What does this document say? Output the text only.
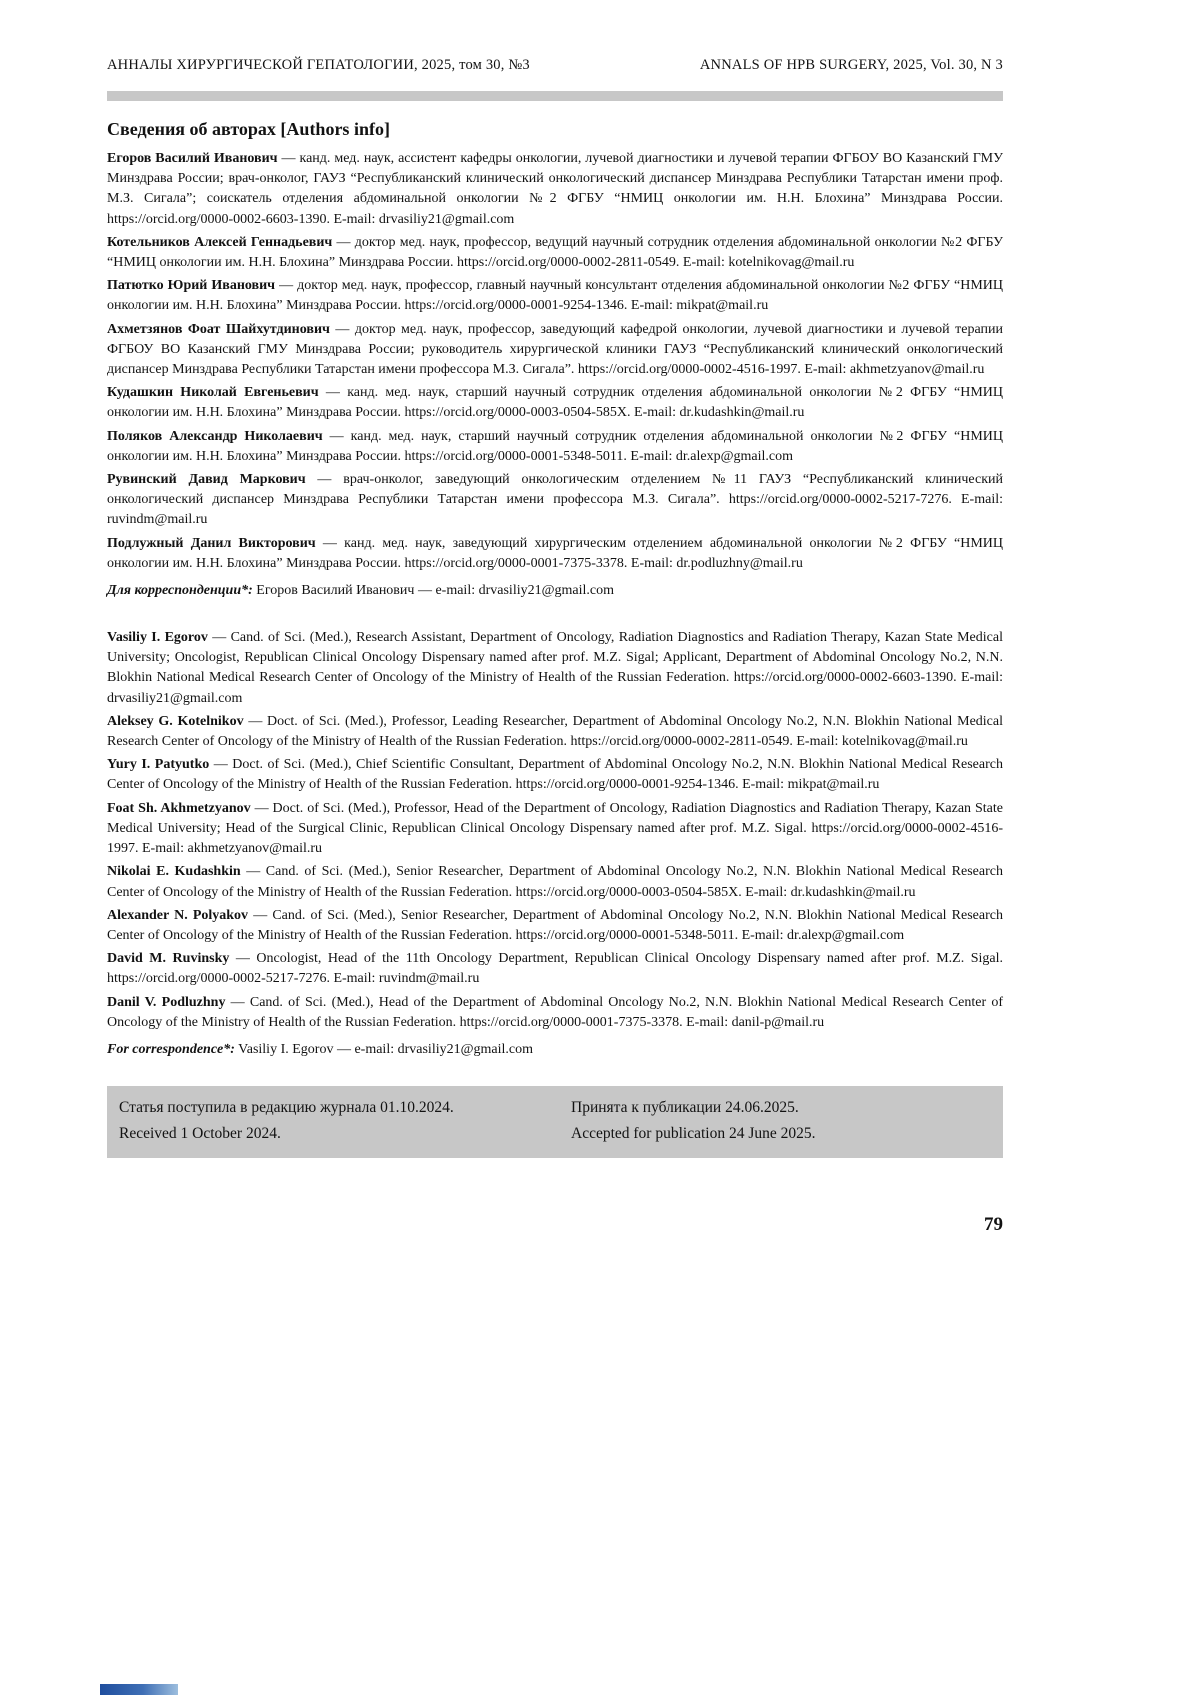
АННАЛЫ ХИРУРГИЧЕСКОЙ ГЕПАТОЛОГИИ, 2025, том 30, №3	ANNALS OF HPB SURGERY, 2025, Vol. 30, N 3
Сведения об авторах [Authors info]

Егоров Василий Иванович — канд. мед. наук, ассистент кафедры онкологии, лучевой диагностики и лучевой терапии ФГБОУ ВО Казанский ГМУ Минздрава России; врач-онколог, ГАУЗ “Республиканский клинический онкологический диспансер Минздрава Республики Татарстан имени проф. М.З. Сигала”; соискатель отделения абдоминальной онкологии №2 ФГБУ “НМИЦ онкологии им. Н.Н. Блохина” Минздрава России. https://orcid.org/0000-0002-6603-1390. E-mail: drvasiliy21@gmail.com

Котельников Алексей Геннадьевич — доктор мед. наук, профессор, ведущий научный сотрудник отделения абдоминальной онкологии №2 ФГБУ “НМИЦ онкологии им. Н.Н. Блохина” Минздрава России. https://orcid.org/0000-0002-2811-0549. E-mail: kotelnikovag@mail.ru

Патютко Юрий Иванович — доктор мед. наук, профессор, главный научный консультант отделения абдоминальной онкологии №2 ФГБУ “НМИЦ онкологии им. Н.Н. Блохина” Минздрава России. https://orcid.org/0000-0001-9254-1346. E-mail: mikpat@mail.ru

Ахметзянов Фоат Шайхутдинович — доктор мед. наук, профессор, заведующий кафедрой онкологии, лучевой диагностики и лучевой терапии ФГБОУ ВО Казанский ГМУ Минздрава России; руководитель хирургической клиники ГАУЗ “Республиканский клинический онкологический диспансер Минздрава Республики Татарстан имени профессора М.З. Сигала”. https://orcid.org/0000-0002-4516-1997. E-mail: akhmetzyanov@mail.ru

Кудашкин Николай Евгеньевич — канд. мед. наук, старший научный сотрудник отделения абдоминальной онкологии №2 ФГБУ “НМИЦ онкологии им. Н.Н. Блохина” Минздрава России. https://orcid.org/0000-0003-0504-585X. E-mail: dr.kudashkin@mail.ru

Поляков Александр Николаевич — канд. мед. наук, старший научный сотрудник отделения абдоминальной онкологии №2 ФГБУ “НМИЦ онкологии им. Н.Н. Блохина” Минздрава России. https://orcid.org/0000-0001-5348-5011. E-mail: dr.alexp@gmail.com

Рувинский Давид Маркович — врач-онколог, заведующий онкологическим отделением №11 ГАУЗ “Республиканский клинический онкологический диспансер Минздрава Республики Татарстан имени профессора М.З. Сигала”. https://orcid.org/0000-0002-5217-7276. E-mail: ruvindm@mail.ru

Подлужный Данил Викторович — канд. мед. наук, заведующий хирургическим отделением абдоминальной онкологии №2 ФГБУ “НМИЦ онкологии им. Н.Н. Блохина” Минздрава России. https://orcid.org/0000-0001-7375-3378. E-mail: dr.podluzhny@mail.ru

Для корреспонденции*: Егоров Василий Иванович — e-mail: drvasiliy21@gmail.com

Vasiliy I. Egorov — Cand. of Sci. (Med.), Research Assistant, Department of Oncology, Radiation Diagnostics and Radiation Therapy, Kazan State Medical University; Oncologist, Republican Clinical Oncology Dispensary named after prof. M.Z. Sigal; Applicant, Department of Abdominal Oncology No.2, N.N. Blokhin National Medical Research Center of Oncology of the Ministry of Health of the Russian Federation. https://orcid.org/0000-0002-6603-1390. E-mail: drvasiliy21@gmail.com

Aleksey G. Kotelnikov — Doct. of Sci. (Med.), Professor, Leading Researcher, Department of Abdominal Oncology No.2, N.N. Blokhin National Medical Research Center of Oncology of the Ministry of Health of the Russian Federation. https://orcid.org/0000-0002-2811-0549. E-mail: kotelnikovag@mail.ru

Yury I. Patyutko — Doct. of Sci. (Med.), Chief Scientific Consultant, Department of Abdominal Oncology No.2, N.N. Blokhin National Medical Research Center of Oncology of the Ministry of Health of the Russian Federation. https://orcid.org/0000-0001-9254-1346. E-mail: mikpat@mail.ru

Foat Sh. Akhmetzyanov — Doct. of Sci. (Med.), Professor, Head of the Department of Oncology, Radiation Diagnostics and Radiation Therapy, Kazan State Medical University; Head of the Surgical Clinic, Republican Clinical Oncology Dispensary named after prof. M.Z. Sigal. https://orcid.org/0000-0002-4516-1997. E-mail: akhmetzyanov@mail.ru

Nikolai E. Kudashkin — Cand. of Sci. (Med.), Senior Researcher, Department of Abdominal Oncology No.2, N.N. Blokhin National Medical Research Center of Oncology of the Ministry of Health of the Russian Federation. https://orcid.org/0000-0003-0504-585X. E-mail: dr.kudashkin@mail.ru

Alexander N. Polyakov — Cand. of Sci. (Med.), Senior Researcher, Department of Abdominal Oncology No.2, N.N. Blokhin National Medical Research Center of Oncology of the Ministry of Health of the Russian Federation. https://orcid.org/0000-0001-5348-5011. E-mail: dr.alexp@gmail.com

David M. Ruvinsky — Oncologist, Head of the 11th Oncology Department, Republican Clinical Oncology Dispensary named after prof. M.Z. Sigal. https://orcid.org/0000-0002-5217-7276. E-mail: ruvindm@mail.ru

Danil V. Podluzhny — Cand. of Sci. (Med.), Head of the Department of Abdominal Oncology No.2, N.N. Blokhin National Medical Research Center of Oncology of the Ministry of Health of the Russian Federation. https://orcid.org/0000-0001-7375-3378. E-mail: danil-p@mail.ru

For correspondence*: Vasiliy I. Egorov — e-mail: drvasiliy21@gmail.com

Статья поступила в редакцию журнала 01.10.2024.
Received 1 October 2024.
Принята к публикации 24.06.2025.
Accepted for publication 24 June 2025.
79
